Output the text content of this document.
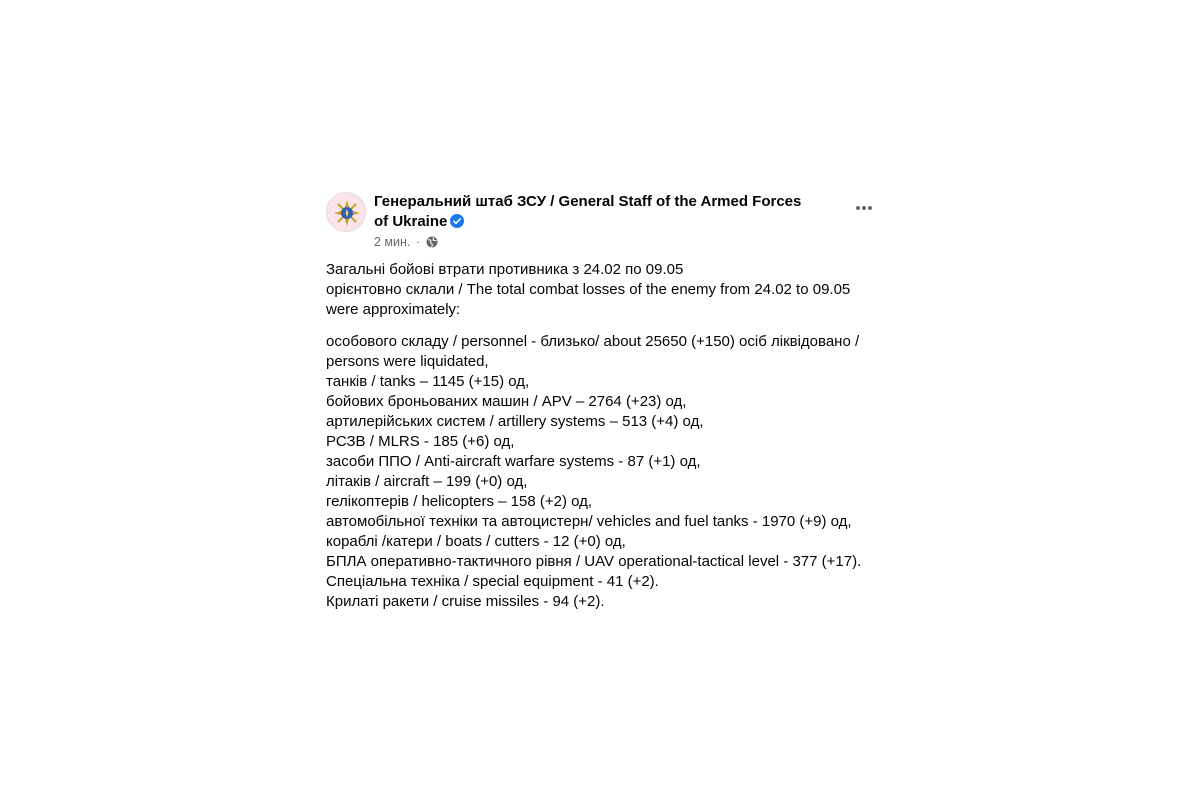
Генеральний штаб ЗСУ / General Staff of the Armed Forces of Ukraine
2 мин. ·
Загальні бойові втрати противника з 24.02 по 09.05
орієнтовно склали / The total combat losses of the enemy from 24.02 to 09.05
were approximately:
особового складу / personnel - близько/ about 25650 (+150) осіб ліквідовано /
persons were liquidated,
танків / tanks ‒ 1145 (+15) од,
бойових броньованих машин / APV ‒ 2764 (+23) од,
артилерійських систем / artillery systems – 513 (+4) од,
РСЗВ / MLRS - 185 (+6) од,
засоби ППО / Anti-aircraft warfare systems - 87 (+1) од,
літаків / aircraft – 199 (+0) од,
гелікоптерів / helicopters – 158 (+2) од,
автомобільної техніки та автоцистерн/ vehicles and fuel tanks - 1970 (+9) од,
кораблі /катери / boats / cutters - 12 (+0) од,
БПЛА оперативно-тактичного рівня / UAV operational-tactical level - 377 (+17).
Спеціальна техніка / special equipment - 41 (+2).
Крилаті ракети / cruise missiles - 94 (+2).
